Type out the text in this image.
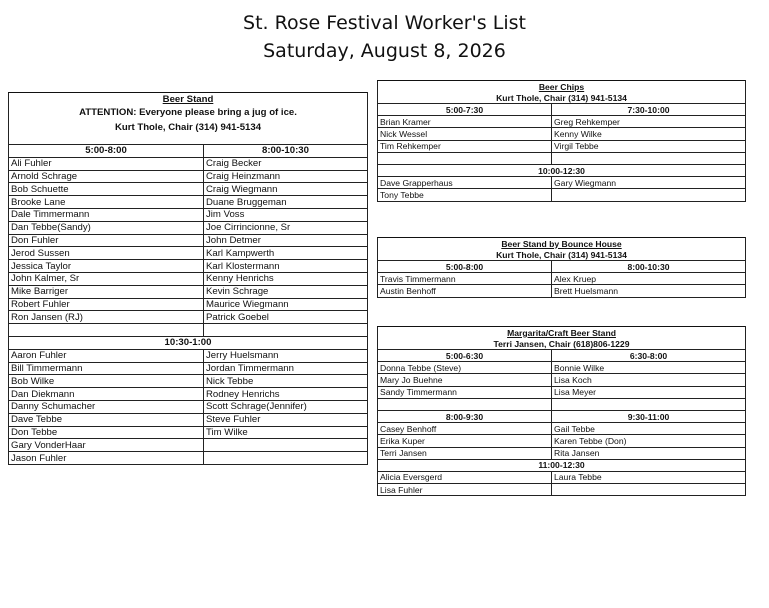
St. Rose Festival Worker's List
Saturday, August 8, 2026
Beer Stand	
ATTENTION: Everyone please bring a jug of ice.	
Kurt Thole, Chair (314) 941-5134	

5:00-8:00	8:00-10:30
Ali Fuhler	Craig Becker
Arnold Schrage	Craig Heinzmann
Bob Schuette	Craig Wiegmann
Brooke Lane	Duane Bruggeman
Dale Timmermann	Jim Voss
Dan Tebbe(Sandy)	Joe Cirrincionne, Sr
Don Fuhler	John Detmer
Jerod Sussen	Karl Kampwerth
Jessica Taylor	Karl Klostermann
John Kalmer, Sr	Kenny Henrichs
Mike Barriger	Kevin Schrage
Robert Fuhler	Maurice Wiegmann
Ron Jansen (RJ)	Patrick Goebel

10:30-1:00	
Aaron Fuhler	Jerry Huelsmann
Bill Timmermann	Jordan Timmermann
Bob Wilke	Nick Tebbe
Dan Diekmann	Rodney Henrichs
Danny Schumacher	Scott Schrage(Jennifer)
Dave Tebbe	Steve Fuhler
Don Tebbe	Tim Wilke
Gary VonderHaar	
Jason Fuhler	
Beer Chips	
Kurt Thole, Chair (314) 941-5134	
5:00-7:30	7:30-10:00
Brian Kramer	Greg Rehkemper
Nick Wessel	Kenny Wilke
Tim Rehkemper	Virgil Tebbe

10:00-12:30	
Dave Grapperhaus	Gary Wiegmann
Tony Tebbe	
Beer Stand by Bounce House	
Kurt Thole, Chair (314) 941-5134	
5:00-8:00	8:00-10:30
Travis Timmermann	Alex Kruep
Austin Benhoff	Brett Huelsmann
Margarita/Craft Beer Stand	
Terri Jansen, Chair (618)806-1229	
5:00-6:30	6:30-8:00
Donna Tebbe (Steve)	Bonnie Wilke
Mary Jo Buehne	Lisa Koch
Sandy Timmermann	Lisa Meyer

8:00-9:30	9:30-11:00
Casey Benhoff	Gail Tebbe
Erika Kuper	Karen Tebbe (Don)
Terri Jansen	Rita Jansen
11:00-12:30	
Alicia Eversgerd	Laura Tebbe
Lisa Fuhler	
